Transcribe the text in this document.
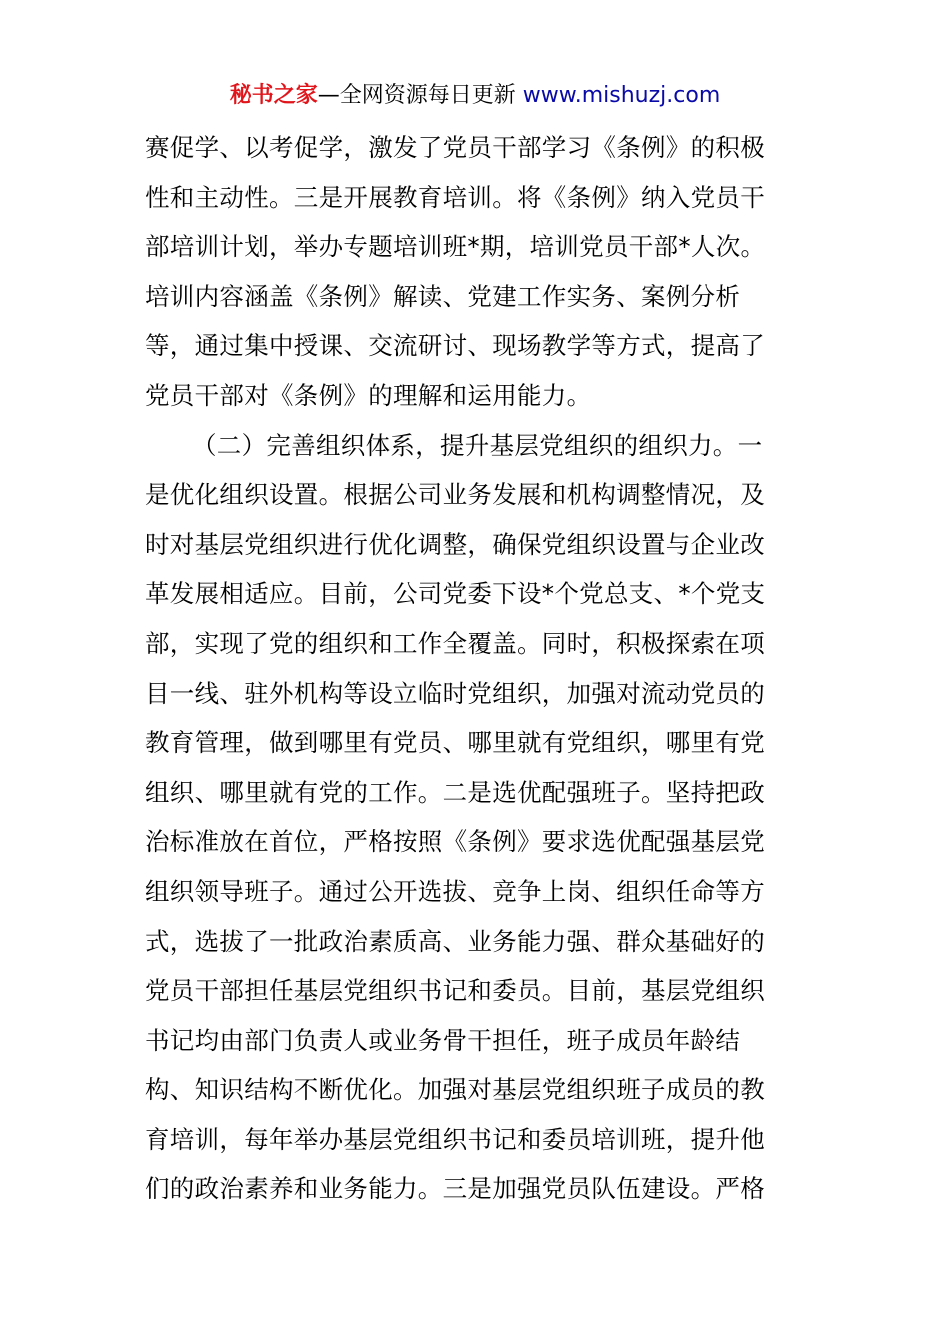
秘书之家—全网资源每日更新 www.mishuzj.com
赛促学、以考促学，激发了党员干部学习《条例》的积极
性和主动性。三是开展教育培训。将《条例》纳入党员干
部培训计划，举办专题培训班*期，培训党员干部*人次。
培训内容涵盖《条例》解读、党建工作实务、案例分析
等，通过集中授课、交流研讨、现场教学等方式，提高了
党员干部对《条例》的理解和运用能力。
（二）完善组织体系，提升基层党组织的组织力。一
是优化组织设置。根据公司业务发展和机构调整情况，及
时对基层党组织进行优化调整，确保党组织设置与企业改
革发展相适应。目前，公司党委下设*个党总支、*个党支
部，实现了党的组织和工作全覆盖。同时，积极探索在项
目一线、驻外机构等设立临时党组织，加强对流动党员的
教育管理，做到哪里有党员、哪里就有党组织，哪里有党
组织、哪里就有党的工作。二是选优配强班子。坚持把政
治标准放在首位，严格按照《条例》要求选优配强基层党
组织领导班子。通过公开选拔、竞争上岗、组织任命等方
式，选拔了一批政治素质高、业务能力强、群众基础好的
党员干部担任基层党组织书记和委员。目前，基层党组织
书记均由部门负责人或业务骨干担任，班子成员年龄结
构、知识结构不断优化。加强对基层党组织班子成员的教
育培训，每年举办基层党组织书记和委员培训班，提升他
们的政治素养和业务能力。三是加强党员队伍建设。严格
